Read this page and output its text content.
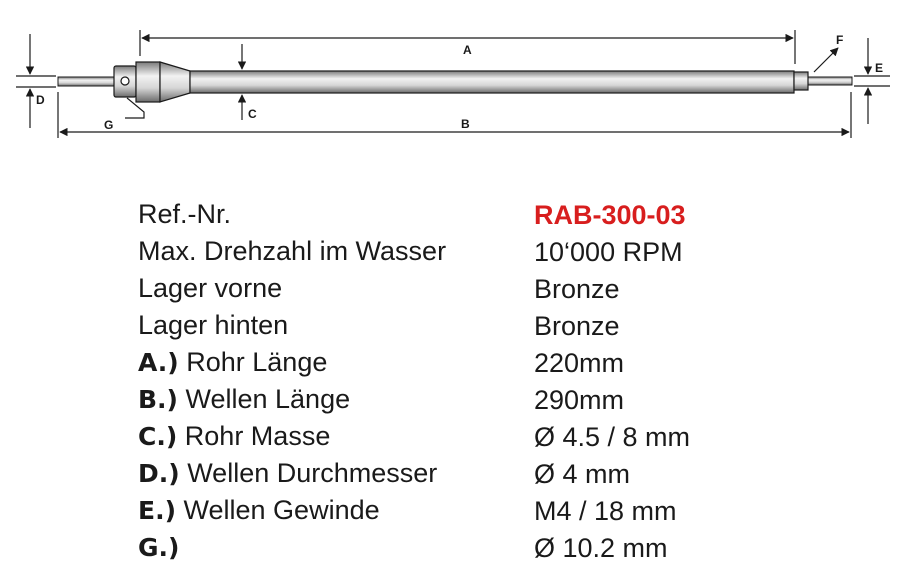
A
B
C
D
E
F
G
Ref.-Nr.	RAB-300-03
Max. Drehzahl im Wasser	10‘000 RPM
Lager vorne	Bronze
Lager hinten	Bronze
A.) Rohr Länge	220mm
B.) Wellen Länge	290mm
C.) Rohr Masse	Ø 4.5 / 8 mm
D.) Wellen Durchmesser	Ø 4 mm
E.) Wellen Gewinde	M4 / 18 mm
G.)	Ø 10.2 mm
